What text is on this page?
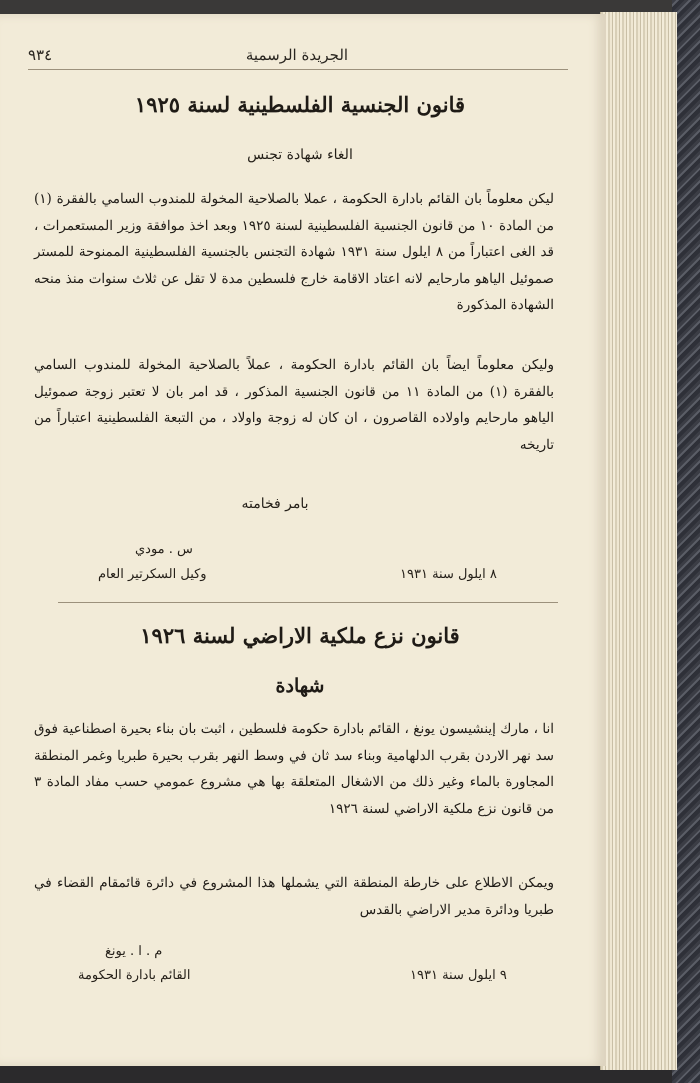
الجريدة الرسمية
٩٣٤
قانون الجنسية الفلسطينية لسنة ١٩٢٥
الغاء شهادة تجنس
ليكن معلوماً بان القائم بادارة الحكومة ، عملا بالصلاحية المخولة للمندوب السامي بالفقرة (١) من المادة ١٠ من قانون الجنسية الفلسطينية لسنة ١٩٢٥ وبعد اخذ موافقة وزير المستعمرات ، قد الغى اعتباراً من ٨ ايلول سنة ١٩٣١ شهادة التجنس بالجنسية الفلسطينية الممنوحة للمستر صموئيل الياهو مارحايم لانه اعتاد الاقامة خارج فلسطين مدة لا تقل عن ثلاث سنوات منذ منحه الشهادة المذكورة
وليكن معلوماً ايضاً بان القائم بادارة الحكومة ، عملاً بالصلاحية المخولة للمندوب السامي بالفقرة (١) من المادة ١١ من قانون الجنسية المذكور ، قد امر بان لا تعتبر زوجة صموئيل الياهو مارحايم واولاده القاصرون ، ان كان له زوجة واولاد ، من التبعة الفلسطينية اعتباراً من تاريخه
بامر فخامته
س . مودي
وكيل السكرتير العام	٨ ايلول سنة ١٩٣١
قانون نزع ملكية الاراضي لسنة ١٩٢٦
شهادة
انا ، مارك إينشيسون يونغ ، القائم بادارة حكومة فلسطين ، اثبت بان بناء بحيرة اصطناعية فوق سد نهر الاردن بقرب الدلهامية وبناء سد ثان في وسط النهر بقرب بحيرة طبريا وغمر المنطقة المجاورة بالماء وغير ذلك من الاشغال المتعلقة بها هي مشروع عمومي حسب مفاد المادة ٣ من قانون نزع ملكية الاراضي لسنة ١٩٢٦
ويمكن الاطلاع على خارطة المنطقة التي يشملها هذا المشروع في دائرة قائمقام القضاء في طبريا ودائرة مدير الاراضي بالقدس
م . ا . يونغ
القائم بادارة الحكومة	٩ ايلول سنة ١٩٣١
